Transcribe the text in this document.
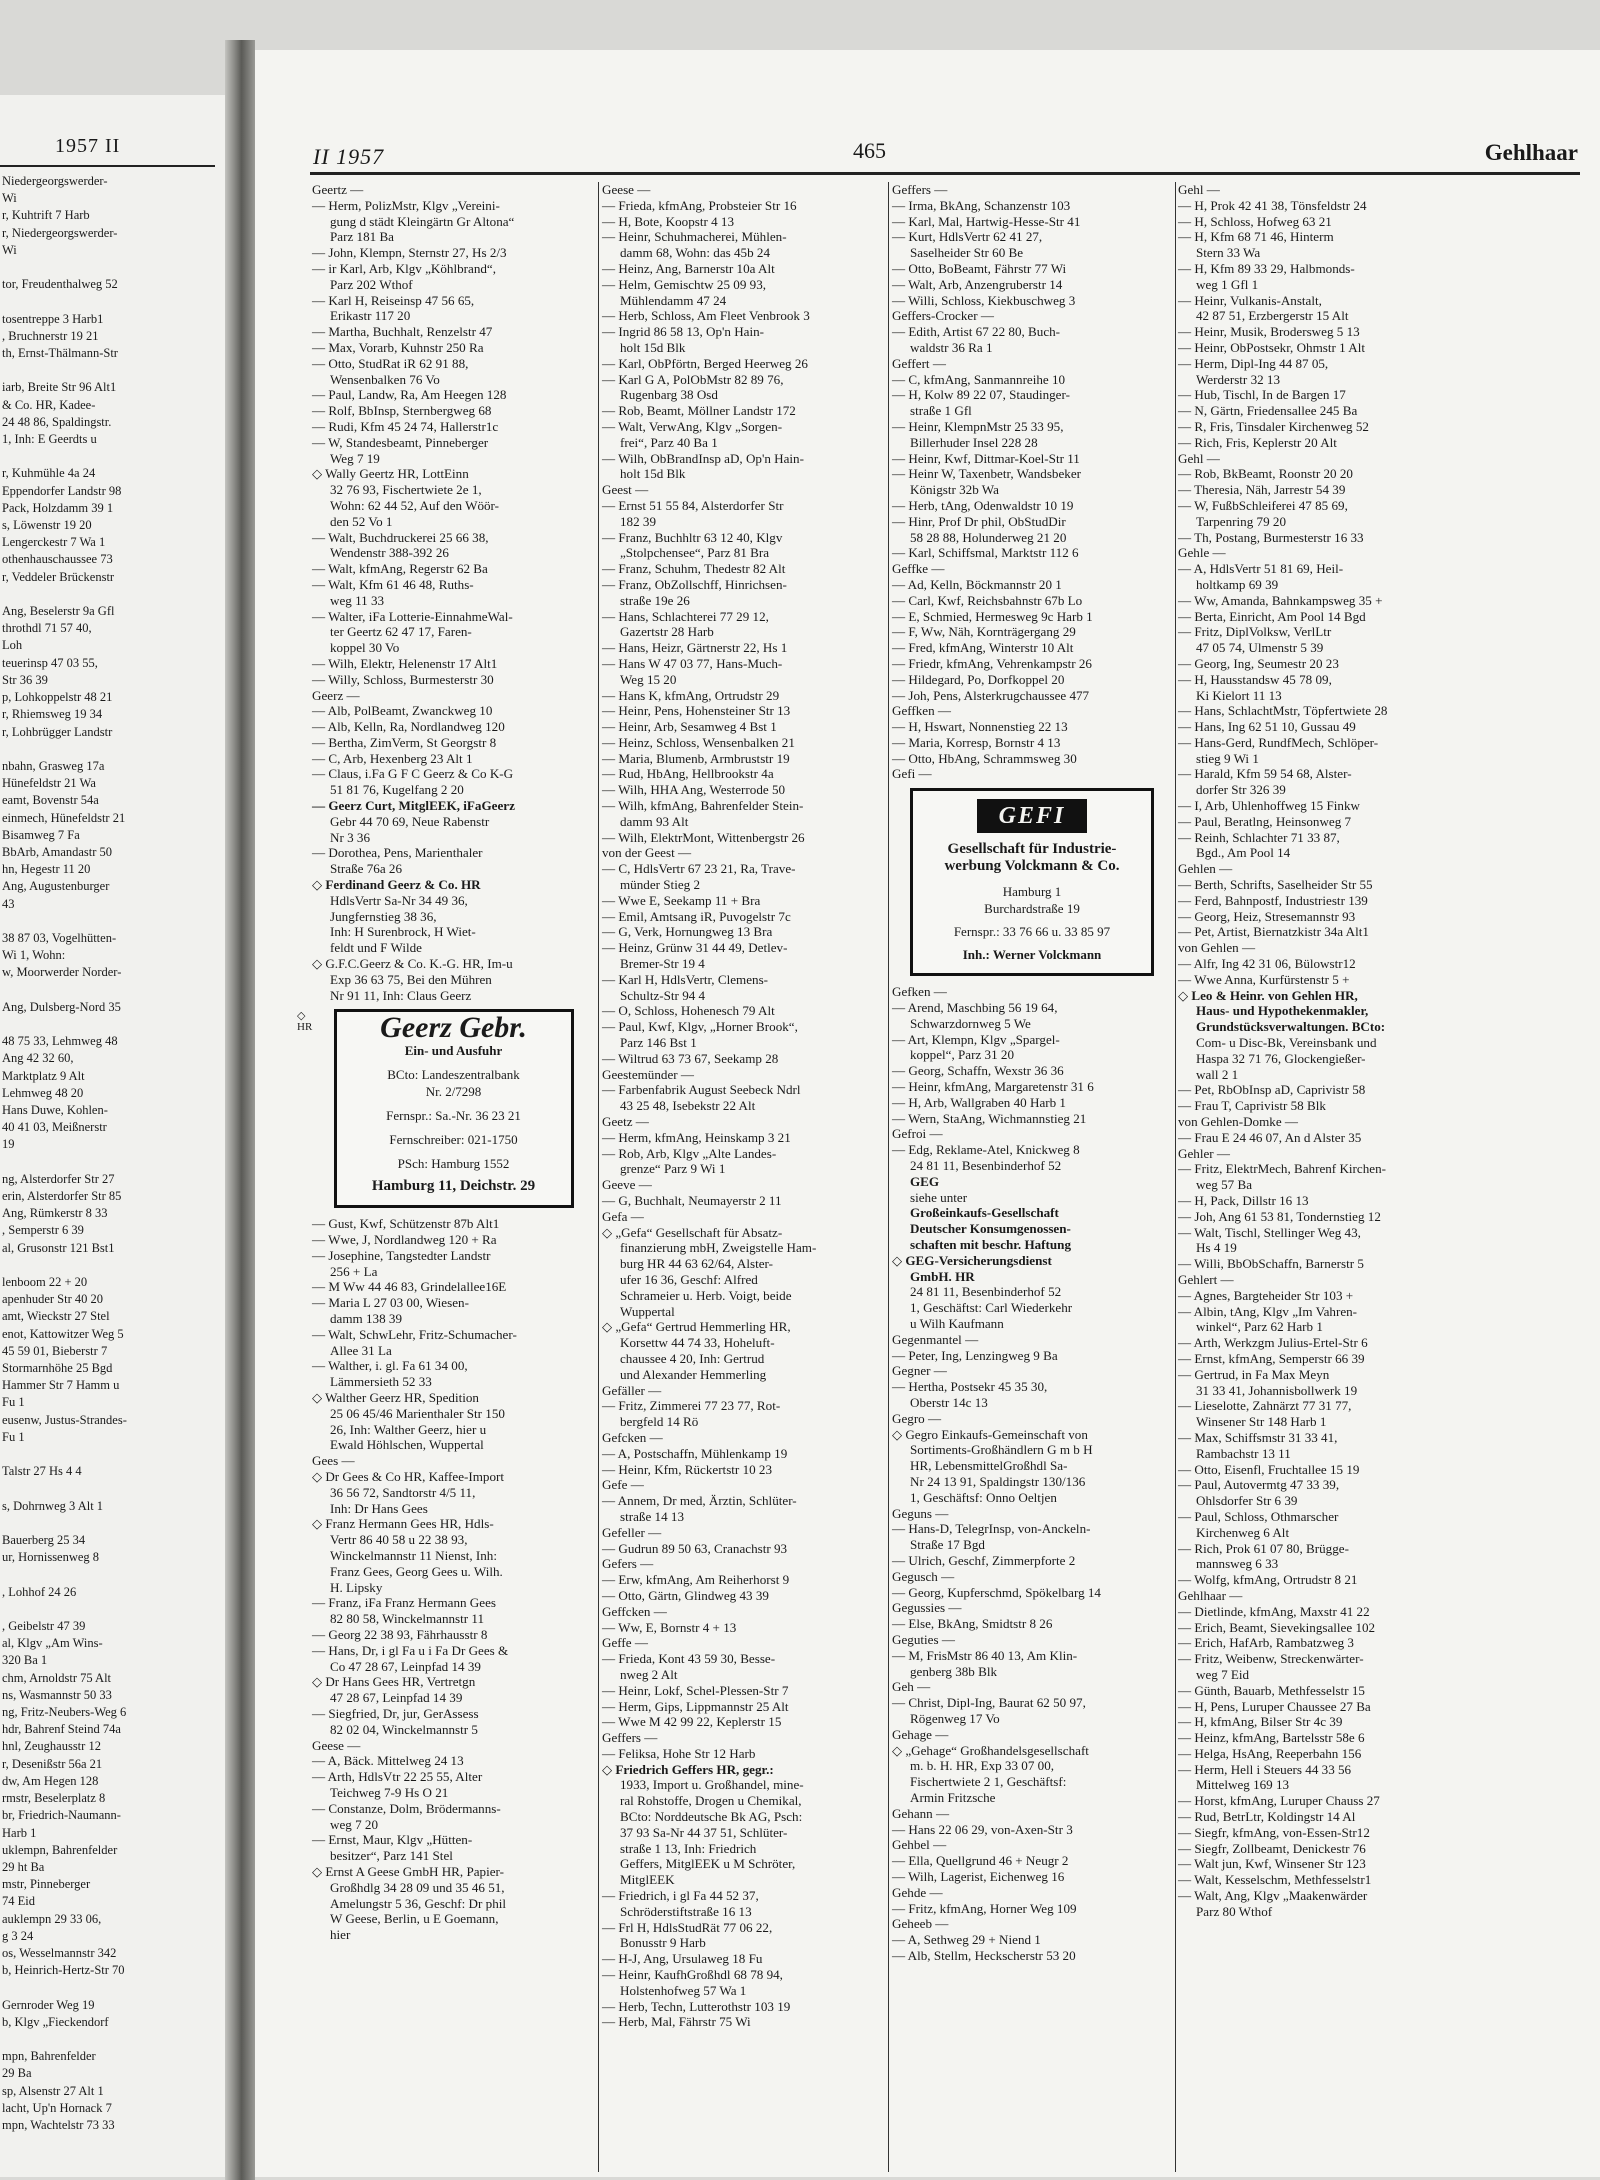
1957 II
Niedergeorgswerder-
Wi
r, Kuhtrift 7 Harb
r, Niedergeorgswerder-
Wi

tor, Freudenthalweg 52

tosentreppe 3 Harb1
, Bruchnerstr 19 21
th, Ernst-Thälmann-Str

iarb, Breite Str 96 Alt1
& Co. HR, Kadee-
24 48 86, Spaldingstr.
1, Inh: E Geerdts u

r, Kuhmühle 4a 24
Eppendorfer Landstr 98
Pack, Holzdamm 39 1
s, Löwenstr 19 20
Lengerckestr 7 Wa 1
othenhauschaussee 73
r, Veddeler Brückenstr

Ang, Beselerstr 9a Gfl
throthdl 71 57 40,
Loh
teuerinsp 47 03 55,
Str 36 39
p, Lohkoppelstr 48 21
r, Rhiemsweg 19 34
r, Lohbrügger Landstr

nbahn, Grasweg 17a
Hünefeldstr 21 Wa
eamt, Bovenstr 54a
einmech, Hünefeldstr 21
Bisamweg 7 Fa
BbArb, Amandastr 50
hn, Hegestr 11 20
Ang, Augustenburger
43

38 87 03, Vogelhütten-
Wi 1, Wohn:
w, Moorwerder Norder-

Ang, Dulsberg-Nord 35

48 75 33, Lehmweg 48
Ang 42 32 60,
Marktplatz 9 Alt
Lehmweg 48 20
Hans Duwe, Kohlen-
40 41 03, Meißnerstr
19

ng, Alsterdorfer Str 27
erin, Alsterdorfer Str 85
Ang, Rümkerstr 8 33
, Semperstr 6 39
al, Grusonstr 121 Bst1

lenboom 22 + 20
apenhuder Str 40 20
amt, Wieckstr 27 Stel
enot, Kattowitzer Weg 5
45 59 01, Bieberstr 7
Stormarnhöhe 25 Bgd
Hammer Str 7 Hamm u
Fu 1
eusenw, Justus-Strandes-
Fu 1

Talstr 27 Hs 4 4

s, Dohrnweg 3 Alt 1

Bauerberg 25 34
ur, Hornissenweg 8

, Lohhof 24 26

, Geibelstr 47 39
al, Klgv „Am Wins-
320 Ba 1
chm, Arnoldstr 75 Alt
ns, Wasmannstr 50 33
ng, Fritz-Neubers-Weg 6
hdr, Bahrenf Steind 74a
hnl, Zeughausstr 12
r, Desenißstr 56a 21
dw, Am Hegen 128
rmstr, Beselerplatz 8
br, Friedrich-Naumann-
Harb 1
uklempn, Bahrenfelder
29 ht Ba
mstr, Pinneberger
74 Eid
auklempn 29 33 06,
g 3 24
os, Wesselmannstr 342
b, Heinrich-Hertz-Str 70

Gernroder Weg 19
b, Klgv „Fieckendorf

mpn, Bahrenfelder
29 Ba
sp, Alsenstr 27 Alt 1
lacht, Up'n Hornack 7
mpn, Wachtelstr 73 33
II 1957	465	Gehlhaar
Geertz —
— Herm, PolizMstr, Klgv „Vereini-
gung d städt Kleingärtn Gr Altona“
Parz 181 Ba
— John, Klempn, Sternstr 27, Hs 2/3
— ir Karl, Arb, Klgv „Köhlbrand“,
Parz 202 Wthof
— Karl H, Reiseinsp 47 56 65,
Erikastr 117 20
— Martha, Buchhalt, Renzelstr 47
— Max, Vorarb, Kuhnstr 250 Ra
— Otto, StudRat iR 62 91 88,
Wensenbalken 76 Vo
— Paul, Landw, Ra, Am Heegen 128
— Rolf, BbInsp, Sternbergweg 68
— Rudi, Kfm 45 24 74, Hallerstr1c
— W, Standesbeamt, Pinneberger
Weg 7 19
◇ Wally Geertz HR, LottEinn
32 76 93, Fischertwiete 2e 1,
Wohn: 62 44 52, Auf den Wöör-
den 52 Vo 1
— Walt, Buchdruckerei 25 66 38,
Wendenstr 388-392 26
— Walt, kfmAng, Regerstr 62 Ba
— Walt, Kfm 61 46 48, Ruths-
weg 11 33
— Walter, iFa Lotterie-EinnahmeWal-
ter Geertz 62 47 17, Faren-
koppel 30 Vo
— Wilh, Elektr, Helenenstr 17 Alt1
— Willy, Schloss, Burmesterstr 30
Geerz —
— Alb, PolBeamt, Zwanckweg 10
— Alb, Kelln, Ra, Nordlandweg 120
— Bertha, ZimVerm, St Georgstr 8
— C, Arb, Hexenberg 23 Alt 1
— Claus, i.Fa G F C Geerz & Co K-G
51 81 76, Kugelfang 2 20
— Geerz Curt, MitglEEK, iFaGeerz
Gebr 44 70 69, Neue Rabenstr
Nr 3 36
— Dorothea, Pens, Marienthaler
Straße 76a 26
◇ Ferdinand Geerz & Co. HR
HdlsVertr Sa-Nr 34 49 36,
Jungfernstieg 38 36,
Inh: H Surenbrock, H Wiet-
feldt und F Wilde
◇ G.F.C.Geerz & Co. K.-G. HR, Im-u
Exp 36 63 75, Bei den Mühren
Nr 91 11, Inh: Claus Geerz
◇
HR	Geerz Gebr.
Ein- und Ausfuhr
BCto: Landeszentralbank
Nr. 2/7298
Fernspr.: Sa.-Nr. 36 23 21
Fernschreiber: 021-1750
PSch: Hamburg 1552
Hamburg 11, Deichstr. 29
— Gust, Kwf, Schützenstr 87b Alt1
— Wwe, J, Nordlandweg 120 + Ra
— Josephine, Tangstedter Landstr
256 + La
— M Ww 44 46 83, Grindelallee16E
— Maria L 27 03 00, Wiesen-
damm 138 39
— Walt, SchwLehr, Fritz-Schumacher-
Allee 31 La
— Walther, i. gl. Fa 61 34 00,
Lämmersieth 52 33
◇ Walther Geerz HR, Spedition
25 06 45/46 Marienthaler Str 150
26, Inh: Walther Geerz, hier u
Ewald Höhlschen, Wuppertal
Gees —
◇ Dr Gees & Co HR, Kaffee-Import
36 56 72, Sandtorstr 4/5 11,
Inh: Dr Hans Gees
◇ Franz Hermann Gees HR, Hdls-
Vertr 86 40 58 u 22 38 93,
Winckelmannstr 11 Nienst, Inh:
Franz Gees, Georg Gees u. Wilh.
H. Lipsky
— Franz, iFa Franz Hermann Gees
82 80 58, Winckelmannstr 11
— Georg 22 38 93, Fährhausstr 8
— Hans, Dr, i gl Fa u i Fa Dr Gees &
Co 47 28 67, Leinpfad 14 39
◇ Dr Hans Gees HR, Vertretgn
47 28 67, Leinpfad 14 39
— Siegfried, Dr, jur, GerAssess
82 02 04, Winckelmannstr 5
Geese —
— A, Bäck. Mittelweg 24 13
— Arth, HdlsVtr 22 25 55, Alter
Teichweg 7-9 Hs O 21
— Constanze, Dolm, Brödermanns-
weg 7 20
— Ernst, Maur, Klgv „Hütten-
besitzer“, Parz 141 Stel
◇ Ernst A Geese GmbH HR, Papier-
Großhdlg 34 28 09 und 35 46 51,
Amelungstr 5 36, Geschf: Dr phil
W Geese, Berlin, u E Goemann,
hier
Geese —
— Frieda, kfmAng, Probsteier Str 16
— H, Bote, Koopstr 4 13
— Heinr, Schuhmacherei, Mühlen-
damm 68, Wohn: das 45b 24
— Heinz, Ang, Barnerstr 10a Alt
— Helm, Gemischtw 25 09 93,
Mühlendamm 47 24
— Herb, Schloss, Am Fleet Venbrook 3
— Ingrid 86 58 13, Op'n Hain-
holt 15d Blk
— Karl, ObPförtn, Berged Heerweg 26
— Karl G A, PolObMstr 82 89 76,
Rugenbarg 38 Osd
— Rob, Beamt, Möllner Landstr 172
— Walt, VerwAng, Klgv „Sorgen-
frei“, Parz 40 Ba 1
— Wilh, ObBrandInsp aD, Op'n Hain-
holt 15d Blk
Geest —
— Ernst 51 55 84, Alsterdorfer Str
182 39
— Franz, Buchhltr 63 12 40, Klgv
„Stolpchensee“, Parz 81 Bra
— Franz, Schuhm, Thedestr 82 Alt
— Franz, ObZollschff, Hinrichsen-
straße 19e 26
— Hans, Schlachterei 77 29 12,
Gazertstr 28 Harb
— Hans, Heizr, Gärtnerstr 22, Hs 1
— Hans W 47 03 77, Hans-Much-
Weg 15 20
— Hans K, kfmAng, Ortrudstr 29
— Heinr, Pens, Hohensteiner Str 13
— Heinr, Arb, Sesamweg 4 Bst 1
— Heinz, Schloss, Wensenbalken 21
— Maria, Blumenb, Armbruststr 19
— Rud, HbAng, Hellbrookstr 4a
— Wilh, HHA Ang, Westerrode 50
— Wilh, kfmAng, Bahrenfelder Stein-
damm 93 Alt
— Wilh, ElektrMont, Wittenbergstr 26
von der Geest —
— C, HdlsVertr 67 23 21, Ra, Trave-
münder Stieg 2
— Wwe E, Seekamp 11 + Bra
— Emil, Amtsang iR, Puvogelstr 7c
— G, Verk, Hornungweg 13 Bra
— Heinz, Grünw 31 44 49, Detlev-
Bremer-Str 19 4
— Karl H, HdlsVertr, Clemens-
Schultz-Str 94 4
— O, Schloss, Hohenesch 79 Alt
— Paul, Kwf, Klgv, „Horner Brook“,
Parz 146 Bst 1
— Wiltrud 63 73 67, Seekamp 28
Geestemünder —
— Farbenfabrik August Seebeck Ndrl
43 25 48, Isebekstr 22 Alt
Geetz —
— Herm, kfmAng, Heinskamp 3 21
— Rob, Arb, Klgv „Alte Landes-
grenze“ Parz 9 Wi 1
Geeve —
— G, Buchhalt, Neumayerstr 2 11
Gefa —
◇ „Gefa“ Gesellschaft für Absatz-
finanzierung mbH, Zweigstelle Ham-
burg HR 44 63 62/64, Alster-
ufer 16 36, Geschf: Alfred
Schrameier u. Herb. Voigt, beide
Wuppertal
◇ „Gefa“ Gertrud Hemmerling HR,
Korsettw 44 74 33, Hoheluft-
chaussee 4 20, Inh: Gertrud
und Alexander Hemmerling
Gefäller —
— Fritz, Zimmerei 77 23 77, Rot-
bergfeld 14 Rö
Gefcken —
— A, Postschaffn, Mühlenkamp 19
— Heinr, Kfm, Rückertstr 10 23
Gefe —
— Annem, Dr med, Ärztin, Schlüter-
straße 14 13
Gefeller —
— Gudrun 89 50 63, Cranachstr 93
Gefers —
— Erw, kfmAng, Am Reiherhorst 9
— Otto, Gärtn, Glindweg 43 39
Geffcken —
— Ww, E, Bornstr 4 + 13
Geffe —
— Frieda, Kont 43 59 30, Besse-
nweg 2 Alt
— Heinr, Lokf, Schel-Plessen-Str 7
— Herm, Gips, Lippmannstr 25 Alt
— Wwe M 42 99 22, Keplerstr 15
Geffers —
— Feliksa, Hohe Str 12 Harb
◇ Friedrich Geffers HR, gegr.:
1933, Import u. Großhandel, mine-
ral Rohstoffe, Drogen u Chemikal,
BCto: Norddeutsche Bk AG, Psch:
37 93 Sa-Nr 44 37 51, Schlüter-
straße 1 13, Inh: Friedrich
Geffers, MitglEEK u M Schröter,
MitglEEK
— Friedrich, i gl Fa 44 52 37,
Schröderstiftstraße 16 13
— Frl H, HdlsStudRät 77 06 22,
Bonusstr 9 Harb
— H-J, Ang, Ursulaweg 18 Fu
— Heinr, KaufhGroßhdl 68 78 94,
Holstenhofweg 57 Wa 1
— Herb, Techn, Lutterothstr 103 19
— Herb, Mal, Fährstr 75 Wi
Geffers —
— Irma, BkAng, Schanzenstr 103
— Karl, Mal, Hartwig-Hesse-Str 41
— Kurt, HdlsVertr 62 41 27,
Saselheider Str 60 Be
— Otto, BoBeamt, Fährstr 77 Wi
— Walt, Arb, Anzengruberstr 14
— Willi, Schloss, Kiekbuschweg 3
Geffers-Crocker —
— Edith, Artist 67 22 80, Buch-
waldstr 36 Ra 1
Geffert —
— C, kfmAng, Sanmannreihe 10
— H, Kolw 89 22 07, Staudinger-
straße 1 Gfl
— Heinr, KlempnMstr 25 33 95,
Billerhuder Insel 228 28
— Heinr, Kwf, Dittmar-Koel-Str 11
— Heinr W, Taxenbetr, Wandsbeker
Königstr 32b Wa
— Herb, tAng, Odenwaldstr 10 19
— Hinr, Prof Dr phil, ObStudDir
58 28 88, Holunderweg 21 20
— Karl, Schiffsmal, Marktstr 112 6
Geffke —
— Ad, Kelln, Böckmannstr 20 1
— Carl, Kwf, Reichsbahnstr 67b Lo
— E, Schmied, Hermesweg 9c Harb 1
— F, Ww, Näh, Kornträgergang 29
— Fred, kfmAng, Winterstr 10 Alt
— Friedr, kfmAng, Vehrenkampstr 26
— Hildegard, Po, Dorfkoppel 20
— Joh, Pens, Alsterkrugchaussee 477
Geffken —
— H, Hswart, Nonnenstieg 22 13
— Maria, Korresp, Bornstr 4 13
— Otto, HbAng, Schrammsweg 30
Gefi —
GEFI
Gesellschaft für Industrie-
werbung Volckmann & Co.
Hamburg 1
Burchardstraße 19
Fernspr.: 33 76 66 u. 33 85 97
Inh.: Werner Volckmann
Gefken —
— Arend, Maschbing 56 19 64,
Schwarzdornweg 5 We
— Art, Klempn, Klgv „Spargel-
koppel“, Parz 31 20
— Georg, Schaffn, Wexstr 36 36
— Heinr, kfmAng, Margaretenstr 31 6
— H, Arb, Wallgraben 40 Harb 1
— Wern, StaAng, Wichmannstieg 21
Gefroi —
— Edg, Reklame-Atel, Knickweg 8
24 81 11, Besenbinderhof 52
GEG
siehe unter
Großeinkaufs-Gesellschaft
Deutscher Konsumgenossen-
schaften mit beschr. Haftung
◇ GEG-Versicherungsdienst
GmbH. HR
24 81 11, Besenbinderhof 52
1, Geschäftst: Carl Wiederkehr
u Wilh Kaufmann
Gegenmantel —
— Peter, Ing, Lenzingweg 9 Ba
Gegner —
— Hertha, Postsekr 45 35 30,
Oberstr 14c 13
Gegro —
◇ Gegro Einkaufs-Gemeinschaft von
Sortiments-Großhändlern G m b H
HR, LebensmittelGroßhdl Sa-
Nr 24 13 91, Spaldingstr 130/136
1, Geschäftsf: Onno Oeltjen
Geguns —
— Hans-D, TelegrInsp, von-Anckeln-
Straße 17 Bgd
— Ulrich, Geschf, Zimmerpforte 2
Gegusch —
— Georg, Kupferschmd, Spökelbarg 14
Gegussies —
— Else, BkAng, Smidtstr 8 26
Geguties —
— M, FrisMstr 86 40 13, Am Klin-
genberg 38b Blk
Geh —
— Christ, Dipl-Ing, Baurat 62 50 97,
Rögenweg 17 Vo
Gehage —
◇ „Gehage“ Großhandelsgesellschaft
m. b. H. HR, Exp 33 07 00,
Fischertwiete 2 1, Geschäftsf:
Armin Fritzsche
Gehann —
— Hans 22 06 29, von-Axen-Str 3
Gehbel —
— Ella, Quellgrund 46 + Neugr 2
— Wilh, Lagerist, Eichenweg 16
Gehde —
— Fritz, kfmAng, Horner Weg 109
Geheeb —
— A, Sethweg 29 + Niend 1
— Alb, Stellm, Heckscherstr 53 20
Gehl —
— H, Prok 42 41 38, Tönsfeldstr 24
— H, Schloss, Hofweg 63 21
— H, Kfm 68 71 46, Hinterm
Stern 33 Wa
— H, Kfm 89 33 29, Halbmonds-
weg 1 Gfl 1
— Heinr, Vulkanis-Anstalt,
42 87 51, Erzbergerstr 15 Alt
— Heinr, Musik, Brodersweg 5 13
— Heinr, ObPostsekr, Ohmstr 1 Alt
— Herm, Dipl-Ing 44 87 05,
Werderstr 32 13
— Hub, Tischl, In de Bargen 17
— N, Gärtn, Friedensallee 245 Ba
— R, Fris, Tinsdaler Kirchenweg 52
— Rich, Fris, Keplerstr 20 Alt
Gehl —
— Rob, BkBeamt, Roonstr 20 20
— Theresia, Näh, Jarrestr 54 39
— W, FußbSchleiferei 47 85 69,
Tarpenring 79 20
— Th, Postang, Burmesterstr 16 33
Gehle —
— A, HdlsVertr 51 81 69, Heil-
holtkamp 69 39
— Ww, Amanda, Bahnkampsweg 35 +
— Berta, Einricht, Am Pool 14 Bgd
— Fritz, DiplVolksw, VerlLtr
47 05 74, Ulmenstr 5 39
— Georg, Ing, Seumestr 20 23
— H, Hausstandsw 45 78 09,
Ki Kielort 11 13
— Hans, SchlachtMstr, Töpfertwiete 28
— Hans, Ing 62 51 10, Gussau 49
— Hans-Gerd, RundfMech, Schlöper-
stieg 9 Wi 1
— Harald, Kfm 59 54 68, Alster-
dorfer Str 326 39
— I, Arb, Uhlenhoffweg 15 Finkw
— Paul, Beratlng, Heinsonweg 7
— Reinh, Schlachter 71 33 87,
Bgd., Am Pool 14
Gehlen —
— Berth, Schrifts, Saselheider Str 55
— Ferd, Bahnpostf, Industriestr 139
— Georg, Heiz, Stresemannstr 93
— Pet, Artist, Biernatzkistr 34a Alt1
von Gehlen —
— Alfr, Ing 42 31 06, Bülowstr12
— Wwe Anna, Kurfürstenstr 5 +
◇ Leo & Heinr. von Gehlen HR,
Haus- und Hypothekenmakler,
Grundstücksverwaltungen. BCto:
Com- u Disc-Bk, Vereinsbank und
Haspa 32 71 76, Glockengießer-
wall 2 1
— Pet, RbObInsp aD, Caprivistr 58
— Frau T, Caprivistr 58 Blk
von Gehlen-Domke —
— Frau E 24 46 07, An d Alster 35
Gehler —
— Fritz, ElektrMech, Bahrenf Kirchen-
weg 57 Ba
— H, Pack, Dillstr 16 13
— Joh, Ang 61 53 81, Tondernstieg 12
— Walt, Tischl, Stellinger Weg 43,
Hs 4 19
— Willi, BbObSchaffn, Barnerstr 5
Gehlert —
— Agnes, Bargteheider Str 103 +
— Albin, tAng, Klgv „Im Vahren-
winkel“, Parz 62 Harb 1
— Arth, Werkzgm Julius-Ertel-Str 6
— Ernst, kfmAng, Semperstr 66 39
— Gertrud, in Fa Max Meyn
31 33 41, Johannisbollwerk 19
— Lieselotte, Zahnärzt 77 31 77,
Winsener Str 148 Harb 1
— Max, Schiffsmstr 31 33 41,
Rambachstr 13 11
— Otto, Eisenfl, Fruchtallee 15 19
— Paul, Autovermtg 47 33 39,
Ohlsdorfer Str 6 39
— Paul, Schloss, Othmarscher
Kirchenweg 6 Alt
— Rich, Prok 61 07 80, Brügge-
mannsweg 6 33
— Wolfg, kfmAng, Ortrudstr 8 21
Gehlhaar —
— Dietlinde, kfmAng, Maxstr 41 22
— Erich, Beamt, Sievekingsallee 102
— Erich, HafArb, Rambatzweg 3
— Fritz, Weibenw, Streckenwärter-
weg 7 Eid
— Günth, Bauarb, Methfesselstr 15
— H, Pens, Luruper Chaussee 27 Ba
— H, kfmAng, Bilser Str 4c 39
— Heinz, kfmAng, Bartelsstr 58e 6
— Helga, HsAng, Reeperbahn 156
— Herm, Hell i Steuers 44 33 56
Mittelweg 169 13
— Horst, kfmAng, Luruper Chauss 27
— Rud, BetrLtr, Koldingstr 14 Al
— Siegfr, kfmAng, von-Essen-Str12
— Siegfr, Zollbeamt, Denickestr 76
— Walt jun, Kwf, Winsener Str 123
— Walt, Kesselschm, Methfesselstr1
— Walt, Ang, Klgv „Maakenwärder
Parz 80 Wthof
